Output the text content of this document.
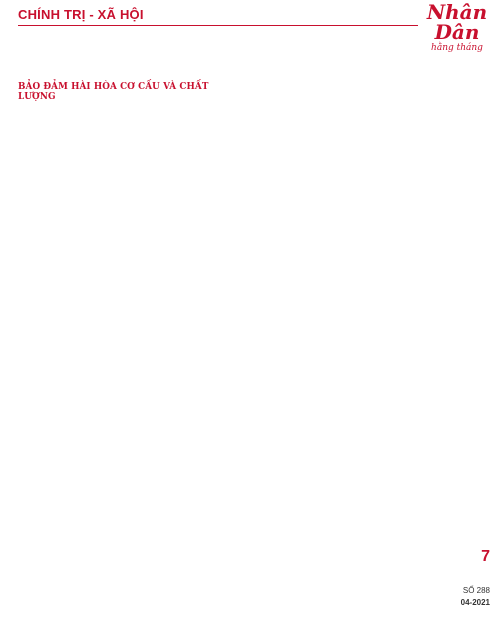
CHÍNH TRỊ - XÃ HỘI	Nhân Dân
hằng tháng

BẢO ĐẢM HÀI HÒA CƠ CẤU VÀ CHẤT LƯỢNG

7
SỐ 288
04-2021
